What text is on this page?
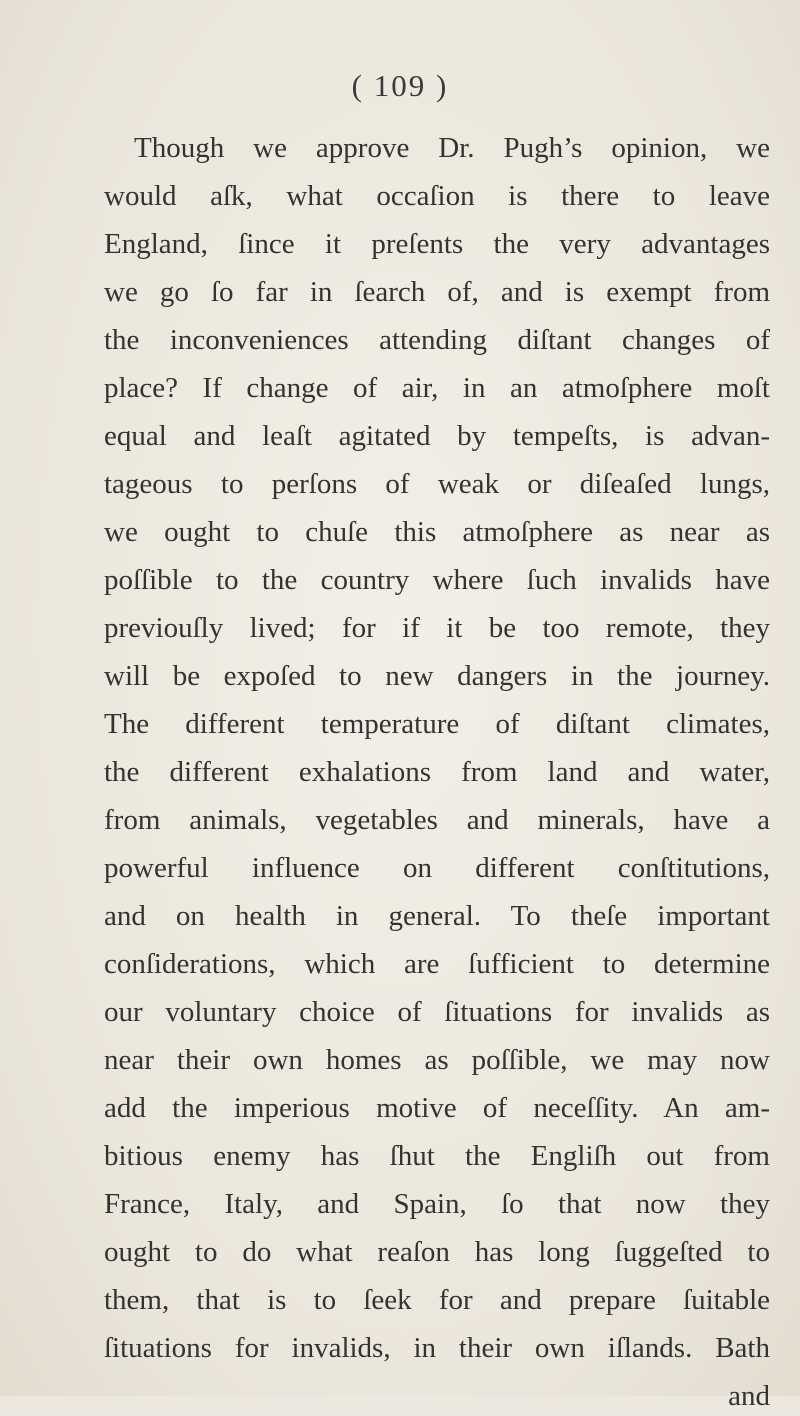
( 109 )
Though we approve Dr. Pugh’s opinion, we
would aſk, what occaſion is there to leave
England, ſince it preſents the very advantages
we go ſo far in ſearch of, and is exempt from
the inconveniences attending diſtant changes of
place? If change of air, in an atmoſphere moſt
equal and leaſt agitated by tempeſts, is advan-
tageous to perſons of weak or diſeaſed lungs,
we ought to chuſe this atmoſphere as near as
poſſible to the country where ſuch invalids have
previouſly lived; for if it be too remote, they
will be expoſed to new dangers in the journey.
The different temperature of diſtant climates,
the different exhalations from land and water,
from animals, vegetables and minerals, have a
powerful influence on different conſtitutions,
and on health in general. To theſe important
conſiderations, which are ſufficient to determine
our voluntary choice of ſituations for invalids as
near their own homes as poſſible, we may now
add the imperious motive of neceſſity. An am-
bitious enemy has ſhut the Engliſh out from
France, Italy, and Spain, ſo that now they
ought to do what reaſon has long ſuggeſted to
them, that is to ſeek for and prepare ſuitable
ſituations for invalids, in their own iſlands. Bath
and
